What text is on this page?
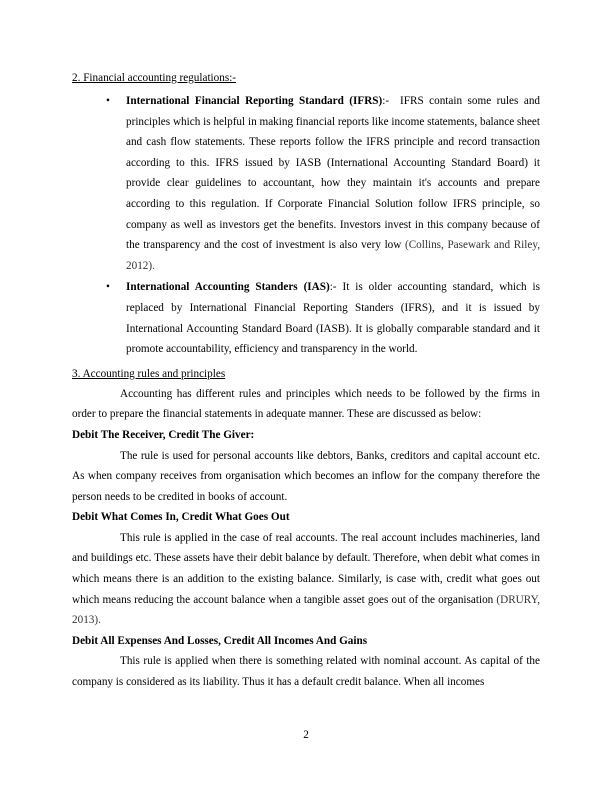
2. Financial accounting regulations:-
• International Financial Reporting Standard (IFRS):- IFRS contain some rules and principles which is helpful in making financial reports like income statements, balance sheet and cash flow statements. These reports follow the IFRS principle and record transaction according to this. IFRS issued by IASB (International Accounting Standard Board) it provide clear guidelines to accountant, how they maintain it's accounts and prepare according to this regulation. If Corporate Financial Solution follow IFRS principle, so company as well as investors get the benefits. Investors invest in this company because of the transparency and the cost of investment is also very low (Collins, Pasewark and Riley, 2012).
• International Accounting Standers (IAS):- It is older accounting standard, which is replaced by International Financial Reporting Standers (IFRS), and it is issued by International Accounting Standard Board (IASB). It is globally comparable standard and it promote accountability, efficiency and transparency in the world.
3. Accounting rules and principles

Accounting has different rules and principles which needs to be followed by the firms in order to prepare the financial statements in adequate manner. These are discussed as below:

Debit The Receiver, Credit The Giver:

The rule is used for personal accounts like debtors, Banks, creditors and capital account etc. As when company receives from organisation which becomes an inflow for the company therefore the person needs to be credited in books of account.

Debit What Comes In, Credit What Goes Out

This rule is applied in the case of real accounts. The real account includes machineries, land and buildings etc. These assets have their debit balance by default. Therefore, when debit what comes in which means there is an addition to the existing balance. Similarly, is case with, credit what goes out which means reducing the account balance when a tangible asset goes out of the organisation (DRURY, 2013).

Debit All Expenses And Losses, Credit All Incomes And Gains

This rule is applied when there is something related with nominal account. As capital of the company is considered as its liability. Thus it has a default credit balance. When all incomes

2
